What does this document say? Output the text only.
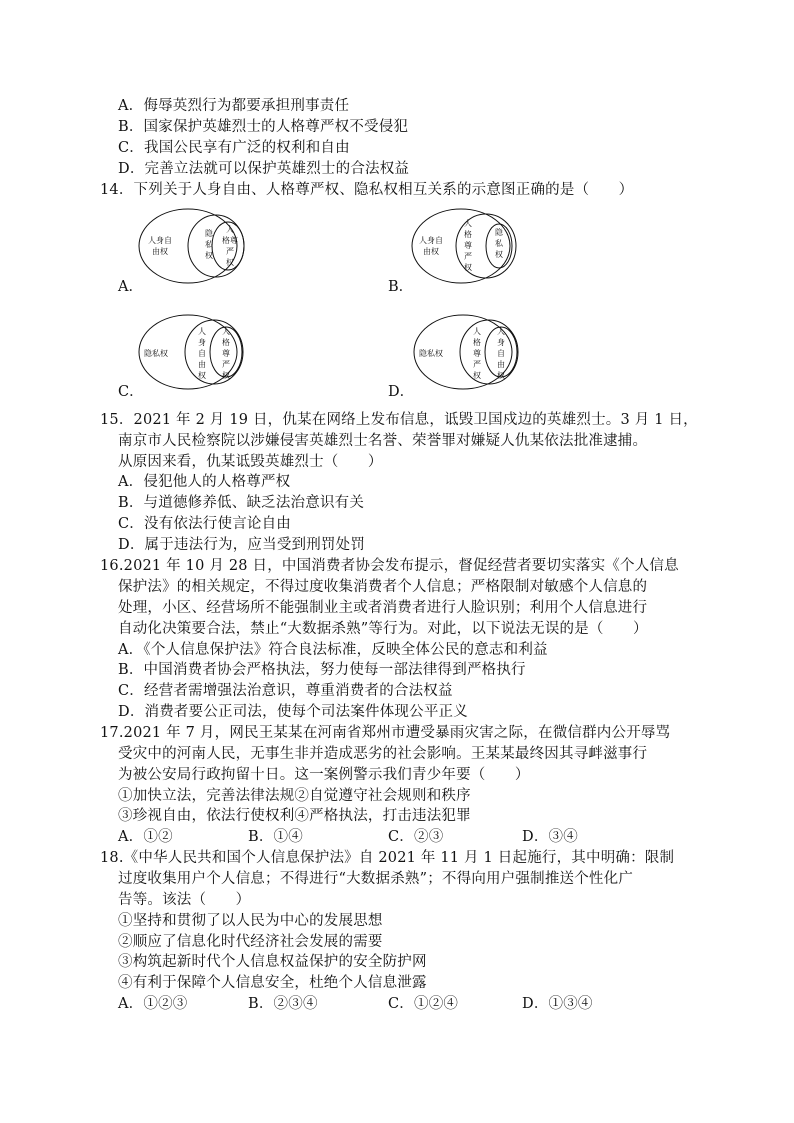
A．侮辱英烈行为都要承担刑事责任
B．国家保护英雄烈士的人格尊严权不受侵犯
C．我国公民享有广泛的权利和自由
D．完善立法就可以保护英雄烈士的合法权益
14．下列关于人身自由、人格尊严权、隐私权相互关系的示意图正确的是（　　）
人身自
由权
隐
私
权
人
格尊
严
权
A．
人身自
由权
人
格
尊
严
权
隐
私
权
B．
隐私权
人
身
自
由
权
人
格
尊
严
权
C．
隐私权
人
格
尊
严
权
人
身
自
由
权
D．
15．2021 年 2 月 19 日，仇某在网络上发布信息，诋毁卫国戍边的英雄烈士。3 月 1 日，
南京市人民检察院以涉嫌侵害英雄烈士名誉、荣誉罪对嫌疑人仇某依法批准逮捕。
从原因来看，仇某诋毁英雄烈士（　　）
A．侵犯他人的人格尊严权
B．与道德修养低、缺乏法治意识有关
C．没有依法行使言论自由
D．属于违法行为，应当受到刑罚处罚
16.2021 年 10 月 28 日，中国消费者协会发布提示，督促经营者要切实落实《个人信息
保护法》的相关规定，不得过度收集消费者个人信息；严格限制对敏感个人信息的
处理，小区、经营场所不能强制业主或者消费者进行人脸识别；利用个人信息进行
自动化决策要合法，禁止“大数据杀熟”等行为。对此，以下说法无误的是（　　）
A．《个人信息保护法》符合良法标准，反映全体公民的意志和利益
B．中国消费者协会严格执法，努力使每一部法律得到严格执行
C．经营者需增强法治意识，尊重消费者的合法权益
D．消费者要公正司法，使每个司法案件体现公平正义
17.2021 年 7 月，网民王某某在河南省郑州市遭受暴雨灾害之际，在微信群内公开辱骂
受灾中的河南人民，无事生非并造成恶劣的社会影响。王某某最终因其寻衅滋事行
为被公安局行政拘留十日。这一案例警示我们青少年要（　　）
①加快立法，完善法律法规②自觉遵守社会规则和秩序
③珍视自由，依法行使权利④严格执法，打击违法犯罪
A．①②	B．①④	C．②③	D．③④
18.《中华人民共和国个人信息保护法》自 2021 年 11 月 1 日起施行，其中明确：限制
过度收集用户个人信息；不得进行“大数据杀熟”；不得向用户强制推送个性化广
告等。该法（　　）
①坚持和贯彻了以人民为中心的发展思想
②顺应了信息化时代经济社会发展的需要
③构筑起新时代个人信息权益保护的安全防护网
④有利于保障个人信息安全，杜绝个人信息泄露
A．①②③	B．②③④	C．①②④	D．①③④
